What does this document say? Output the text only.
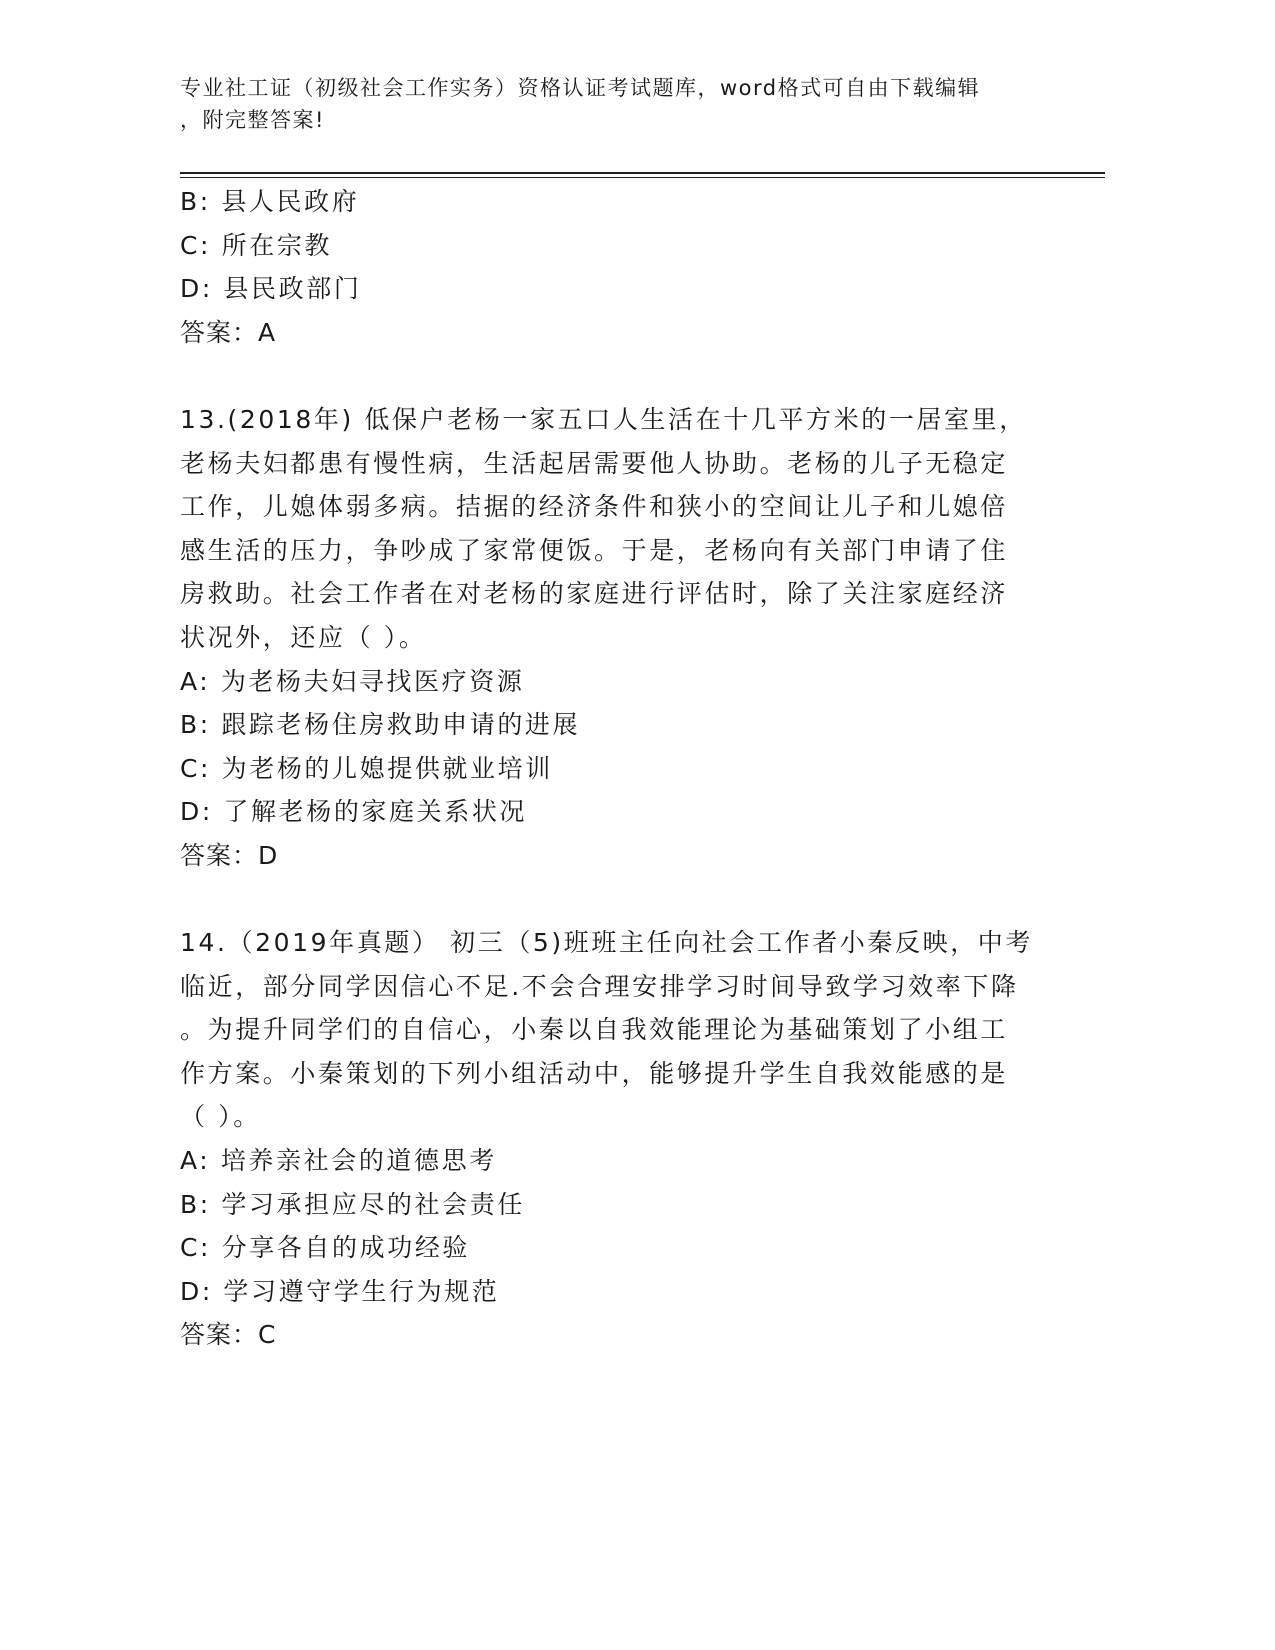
专业社工证（初级社会工作实务）资格认证考试题库，word格式可自由下载编辑
，附完整答案!
B: 县人民政府
C: 所在宗教
D: 县民政部门
答案：A
13.(2018年) 低保户老杨一家五口人生活在十几平方米的一居室里，
老杨夫妇都患有慢性病，生活起居需要他人协助。老杨的儿子无稳定
工作，儿媳体弱多病。拮据的经济条件和狭小的空间让儿子和儿媳倍
感生活的压力，争吵成了家常便饭。于是，老杨向有关部门申请了住
房救助。社会工作者在对老杨的家庭进行评估时，除了关注家庭经济
状况外，还应（ ）。
A: 为老杨夫妇寻找医疗资源
B: 跟踪老杨住房救助申请的进展
C: 为老杨的儿媳提供就业培训
D: 了解老杨的家庭关系状况
答案：D
14.（2019年真题） 初三（5)班班主任向社会工作者小秦反映，中考
临近，部分同学因信心不足.不会合理安排学习时间导致学习效率下降
。为提升同学们的自信心，小秦以自我效能理论为基础策划了小组工
作方案。小秦策划的下列小组活动中，能够提升学生自我效能感的是
（ ）。
A: 培养亲社会的道德思考
B: 学习承担应尽的社会责任
C: 分享各自的成功经验
D: 学习遵守学生行为规范
答案：C
